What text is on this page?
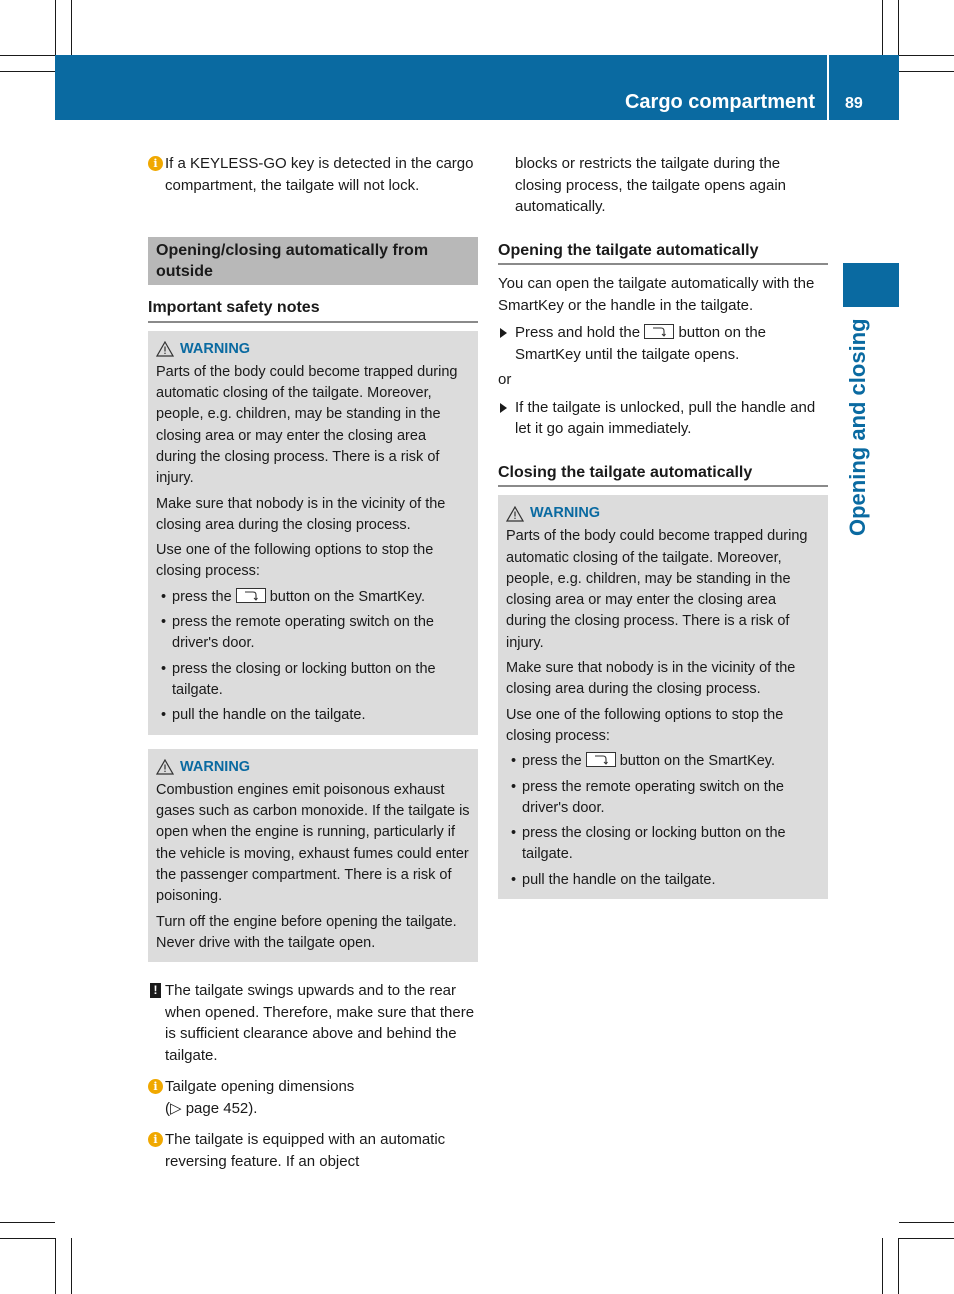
Cargo compartment 89
Opening and closing
i If a KEYLESS-GO key is detected in the cargo compartment, the tailgate will not lock.
Opening/closing automatically from outside
Important safety notes
WARNING

Parts of the body could become trapped during automatic closing of the tailgate. Moreover, people, e.g. children, may be standing in the closing area or may enter the closing area during the closing process. There is a risk of injury.

Make sure that nobody is in the vicinity of the closing area during the closing process.

Use one of the following options to stop the closing process:

• press the	button on the SmartKey.
• press the remote operating switch on the driver's door.
• press the closing or locking button on the tailgate.
• pull the handle on the tailgate.
WARNING

Combustion engines emit poisonous exhaust gases such as carbon monoxide. If the tailgate is open when the engine is running, particularly if the vehicle is moving, exhaust fumes could enter the passenger compartment. There is a risk of poisoning.

Turn off the engine before opening the tailgate. Never drive with the tailgate open.

! The tailgate swings upwards and to the rear when opened. Therefore, make sure that there is sufficient clearance above and behind the tailgate.
i Tailgate opening dimensions
(▷ page 452).
i The tailgate is equipped with an automatic reversing feature. If an object
blocks or restricts the tailgate during the closing process, the tailgate opens again automatically.
Opening the tailgate automatically

You can open the tailgate automatically with the SmartKey or the handle in the tailgate.

Press and hold the	button on the SmartKey until the tailgate opens.

or

If the tailgate is unlocked, pull the handle and let it go again immediately.
Closing the tailgate automatically
WARNING

Parts of the body could become trapped during automatic closing of the tailgate. Moreover, people, e.g. children, may be standing in the closing area or may enter the closing area during the closing process. There is a risk of injury.

Make sure that nobody is in the vicinity of the closing area during the closing process.

Use one of the following options to stop the closing process:

• press the	button on the SmartKey.
• press the remote operating switch on the driver's door.
• press the closing or locking button on the tailgate.
• pull the handle on the tailgate.
